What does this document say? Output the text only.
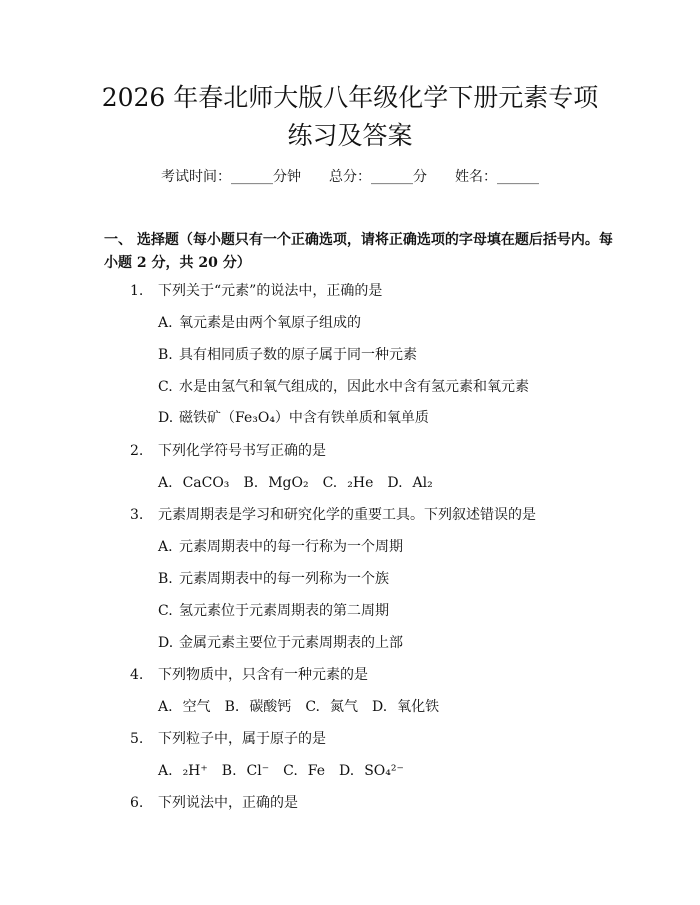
2026 年春北师大版八年级化学下册元素专项
练习及答案
考试时间：______分钟 总分：______分 姓名：______
一、 选择题（每小题只有一个正确选项，请将正确选项的字母填在题后括号内。每小题 2 分，共 20 分）
1. 下列关于“元素”的说法中，正确的是
A. 氧元素是由两个氧原子组成的
B. 具有相同质子数的原子属于同一种元素
C. 水是由氢气和氧气组成的，因此水中含有氢元素和氧元素
D. 磁铁矿（Fe₃O₄）中含有铁单质和氧单质
2. 下列化学符号书写正确的是
A. CaCO₃ B. MgO₂ C. ₂He D. Al₂
3. 元素周期表是学习和研究化学的重要工具。下列叙述错误的是
A. 元素周期表中的每一行称为一个周期
B. 元素周期表中的每一列称为一个族
C. 氢元素位于元素周期表的第二周期
D. 金属元素主要位于元素周期表的上部
4. 下列物质中，只含有一种元素的是
A. 空气 B. 碳酸钙 C. 氮气 D. 氧化铁
5. 下列粒子中，属于原子的是
A. ₂H⁺ B. Cl⁻ C. Fe D. SO₄²⁻
6. 下列说法中，正确的是
